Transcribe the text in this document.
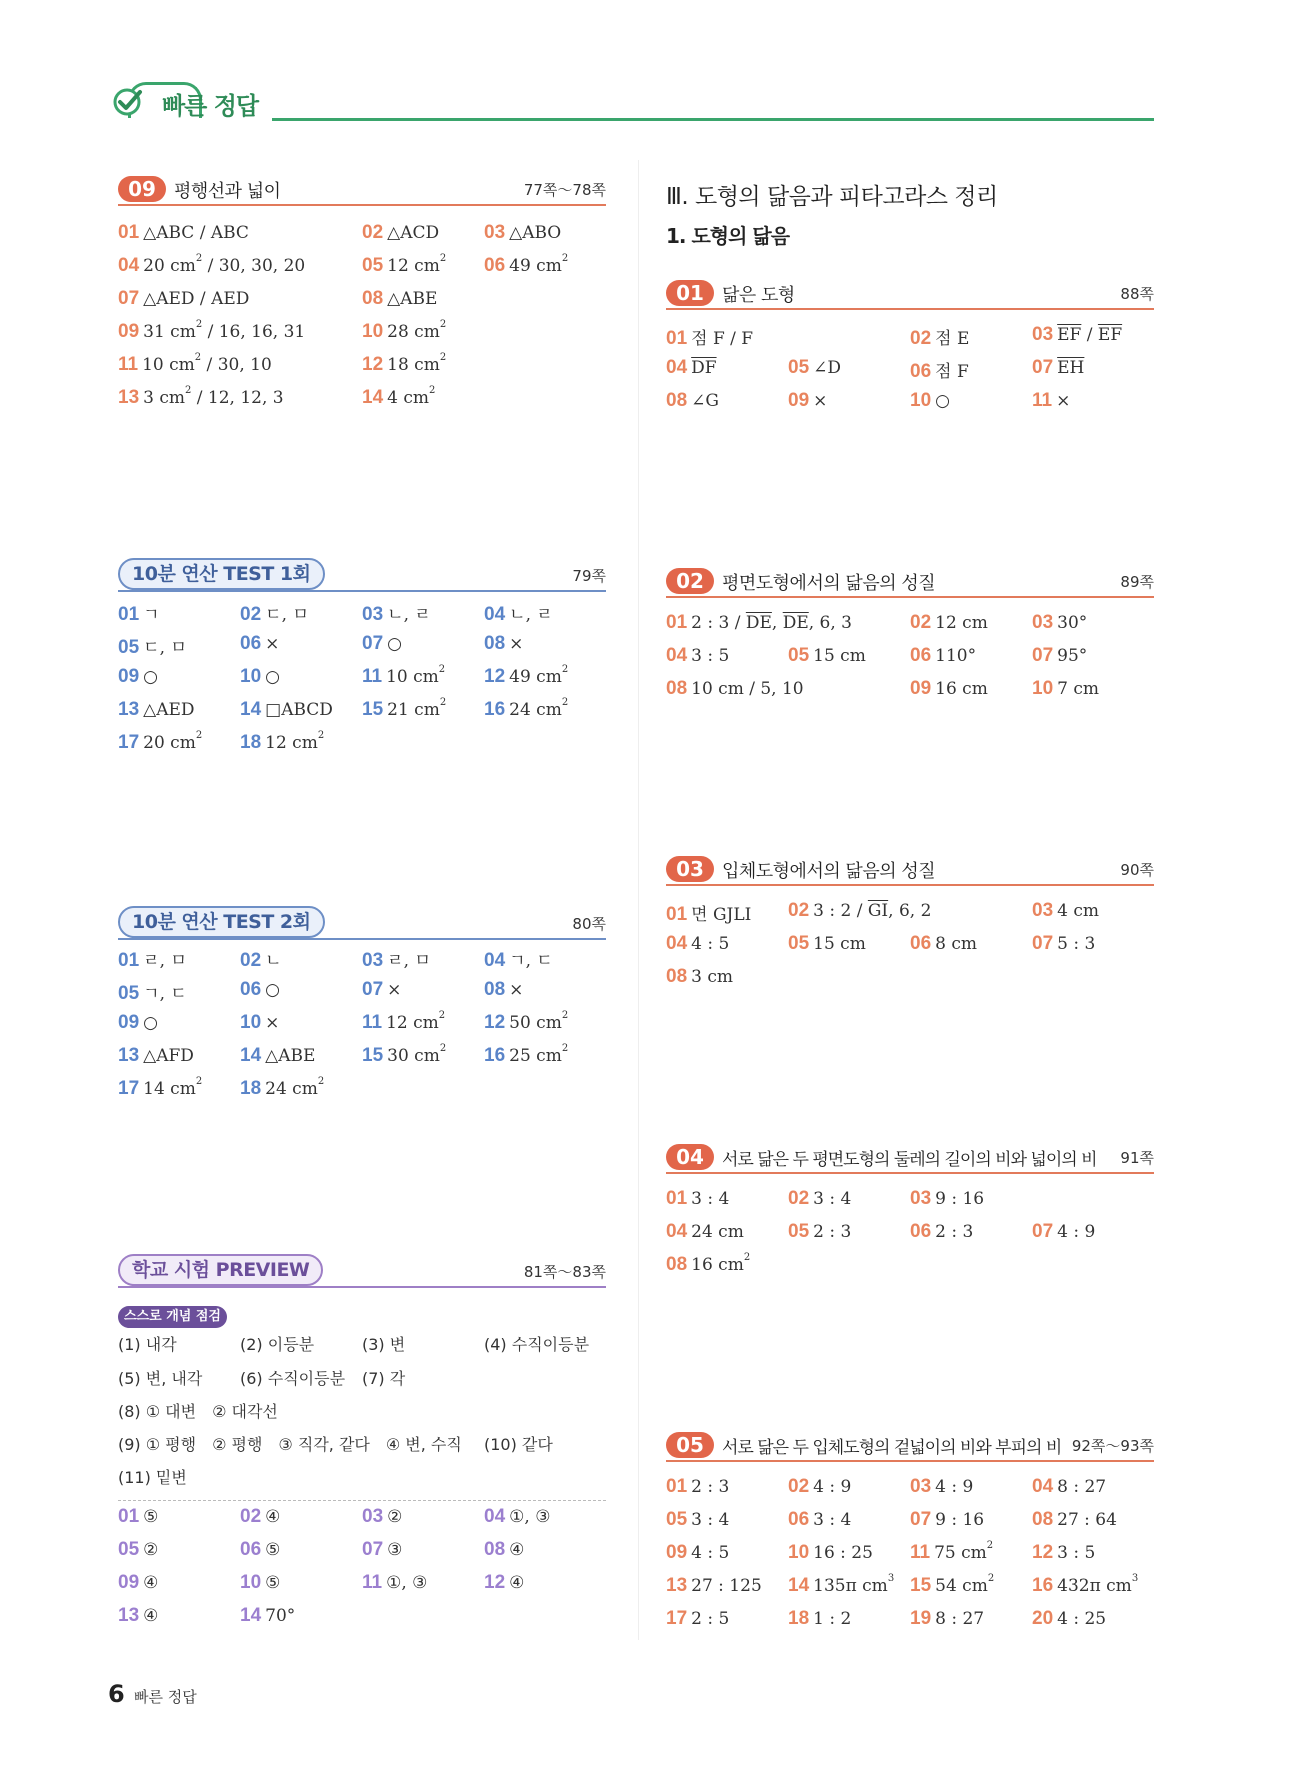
빠른 정답
09	평행선과 넓이	77쪽～78쪽
01 △ABC / ABC	02 △ACD 03 △ABO
04 20 $cm^2 / 30$, 30, 20	05 12 $cm^2$ 06 49 $cm^2$
07 △AED / AED	08 △ABE
09 31 $cm^2 / 16$, 16, 31	10 28 $cm^2$
11 10 $cm^2 / 30$, 10	12 18 $cm^2$
13 3 $cm^2 / 12$, 12, 3	14 4 $cm^2$
10분 연산 TEST 1회	79쪽
01 ㄱ	02 ㄷ, ㅁ	03 ㄴ, ㄹ	04 ㄴ, ㄹ
05 ㄷ, ㅁ	06 ×	07 ○	08 ×
09 ○	10 ○	11 10 $cm^2$ 12 49 $cm^2$
13 △AED 14 □ABCD 15 21 $cm^2$ 16 24 $cm^2$
17 20 $cm^2$ 18 12 $cm^2$
10분 연산 TEST 2회	80쪽
01 ㄹ, ㅁ	02 ㄴ	03 ㄹ, ㅁ	04 ㄱ, ㄷ
05 ㄱ, ㄷ	06 ○	07 ×	08 ×
09 ○	10 ×	11 12 $cm^2$ 12 50 $cm^2$
13 △AFD 14 △ABE 15 30 $cm^2$ 16 25 $cm^2$
17 14 $cm^2$ 18 24 $cm^2$
학교 시험 PREVIEW	81쪽～83쪽
스스로 개념 점검
(1) 내각	(2) 이등분	(3) 변	(4) 수직이등분
(5) 변, 내각 (6) 수직이등분 (7) 각
(8) ① 대변　② 대각선
(9) ① 평행　② 평행　③ 직각, 같다　④ 변, 수직 (10) 같다
(11) 밑변
01 ⑤	02 ④	03 ②	04 ①, ③
05 ②	06 ⑤	07 ③	08 ④
09 ④	10 ⑤	11 ①, ③	12 ④
13 ④	14 70°
Ⅲ. 도형의 닮음과 피타고라스 정리
1. 도형의 닮음
01	닮은 도형	88쪽
01 점 F / F	02 점 E	03 $\overline{EF} / \overline{EF}$
04 $\overline{DF}$	05 ∠D	06 점 F	07 $\overline{EH}$
08 ∠G	09 ×	10 ○	11 ×
02	평면도형에서의 닮음의 성질	89쪽
01 2 : $3 / \overline{DE}$, $\overline{DE}$, 6, 3	02 12 cm 03 30°
04 3 : 5	05 15 cm 06 110°	07 95°
08 10 cm / 5, 10	09 16 cm 10 7 cm
03	입체도형에서의 닮음의 성질	90쪽
01 면 GJLI 02 3 : $2 / \overline{GI}$, 6, 2	03 4 cm
04 4 : 5	05 15 cm 06 8 cm	07 5 : 3
08 3 cm
04	서로 닮은 두 평면도형의 둘레의 길이의 비와 넓이의 비 91쪽
01 3 : 4	02 3 : 4	03 9 : 16
04 24 cm 05 2 : 3	06 2 : 3	07 4 : 9
08 16 $cm^2$
05	서로 닮은 두 입체도형의 겉넓이의 비와 부피의 비 92쪽～93쪽
01 2 : 3	02 4 : 9	03 4 : 9	04 8 : 27
05 3 : 4	06 3 : 4	07 9 : 16	08 27 : 64
09 4 : 5	10 16 : 25 11 75 $cm^2$ 12 3 : 5
13 27 : 125 14 135π $cm^3$ 15 54 $cm^2$ 16 432π $cm^3$
17 2 : 5	18 1 : 2	19 8 : 27	20 4 : 25
6 빠른 정답
